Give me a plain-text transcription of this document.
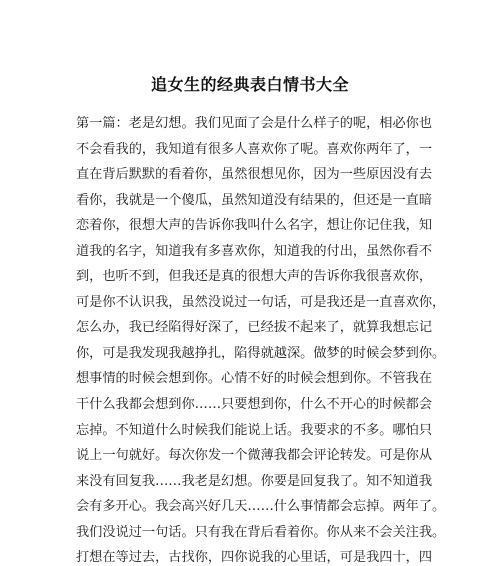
追女生的经典表白情书大全
第一篇：老是幻想。我们见面了会是什么样子的呢，相必你也
不会看我的，我知道有很多人喜欢你了呢。喜欢你两年了，一
直在背后默默的看着你，虽然很想见你，因为一些原因没有去
看你，我就是一个傻瓜，虽然知道没有结果的，但还是一直暗
恋着你，很想大声的告诉你我叫什么名字，想让你记住我，知
道我的名字，知道我有多喜欢你，知道我的付出，虽然你看不
到，也听不到，但我还是真的很想大声的告诉你我很喜欢你，
可是你不认识我，虽然没说过一句话，可是我还是一直喜欢你，
怎么办，我已经陷得好深了，已经拔不起来了，就算我想忘记
你，可是我发现我越挣扎，陷得就越深。做梦的时候会梦到你。
想事情的时候会想到你。心情不好的时候会想到你。不管我在
干什么我都会想到你……只要想到你，什么不开心的时候都会
忘掉。不知道什么时候我们能说上话。我要求的不多。哪怕只
说上一句就好。每次你发一个微薄我都会评论转发。可是你从
来没有回复我……我老是幻想。你要是回复我了。知不知道我
会有多开心。我会高兴好几天……什么事情都会忘掉。两年了。
我们没说过一句话。只有我在背后看着你。你从来不会关注我。
打想在等过去，古找你，四你说我的心里话，可是我四十，四
